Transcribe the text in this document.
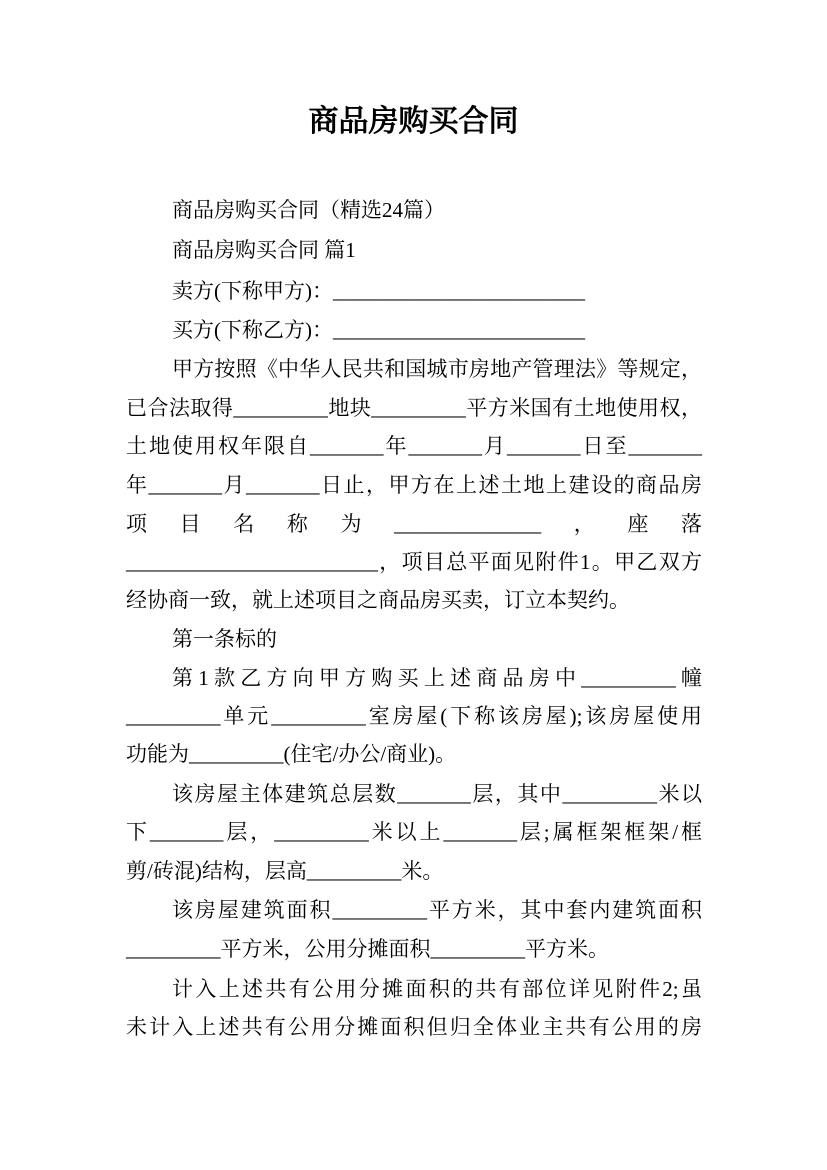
商品房购买合同
商品房购买合同（精选24篇）
商品房购买合同 篇1
卖方(下称甲方)：________________________
买方(下称乙方)：________________________
甲方按照《中华人民共和国城市房地产管理法》等规定，
已合法取得_________地块_________平方米国有土地使用权，
土地使用权年限自_______年_______月_______日至_______
年_______月_______日止，甲方在上述土地上建设的商品房
项目名称为______________，座落
________________________，项目总平面见附件1。甲乙双方
经协商一致，就上述项目之商品房买卖，订立本契约。
第一条标的
第1款乙方向甲方购买上述商品房中_________幢
_________单元_________室房屋(下称该房屋);该房屋使用
功能为_________(住宅/办公/商业)。
该房屋主体建筑总层数_______层，其中_________米以
下_______层，_________米以上_______层;属框架框架/框
剪/砖混)结构，层高_________米。
该房屋建筑面积_________平方米，其中套内建筑面积
_________平方米，公用分摊面积_________平方米。
计入上述共有公用分摊面积的共有部位详见附件2;虽
未计入上述共有公用分摊面积但归全体业主共有公用的房
